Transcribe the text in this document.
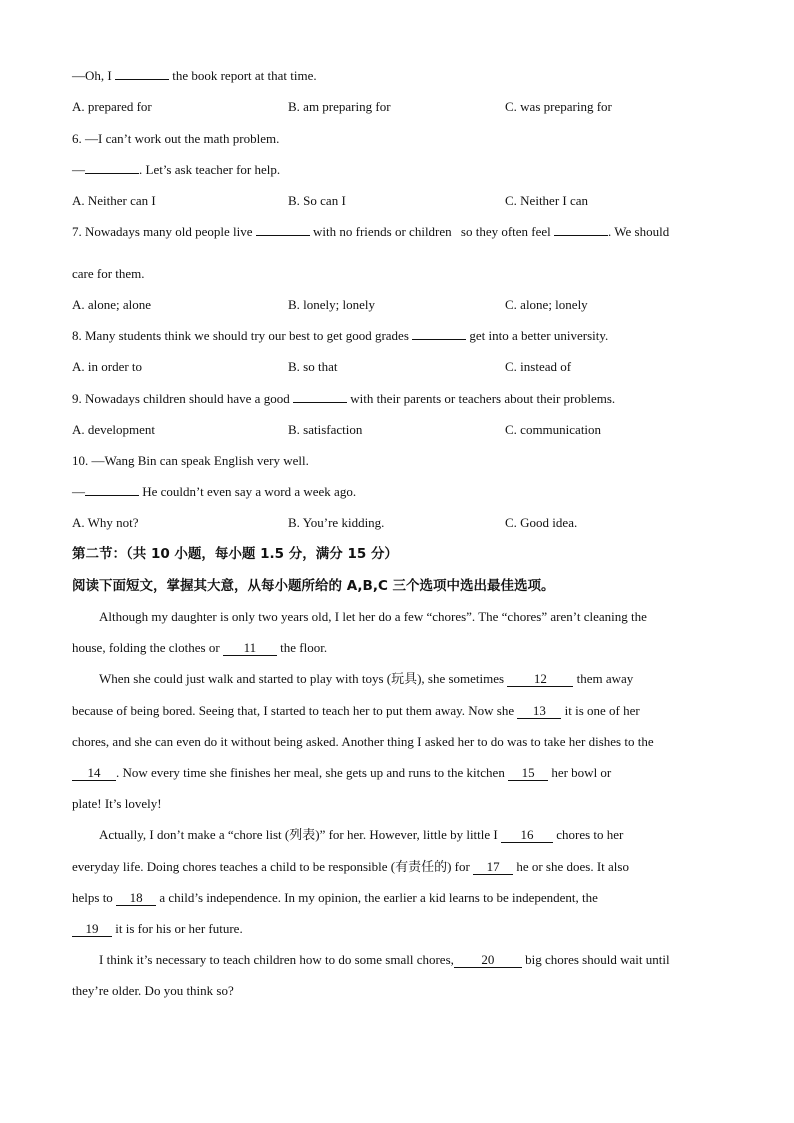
—Oh, I	the book report at that time.
A. prepared for	B. am preparing for	C. was preparing for
6. —I can’t work out the math problem.
—	. Let’s ask teacher for help.
A. Neither can I	B. So can I	C. Neither I can
7. Nowadays many old people live	with no friends or children so they often feel	. We should
care for them.
A. alone; alone	B. lonely; lonely	C. alone; lonely
8. Many students think we should try our best to get good grades	get into a better university.
A. in order to	B. so that	C. instead of
9. Nowadays children should have a good	with their parents or teachers about their problems.
A. development	B. satisfaction	C. communication
10. —Wang Bin can speak English very well.
—	He couldn’t even say a word a week ago.
A. Why not?	B. You’re kidding.	C. Good idea.
第二节：（共 10 小题，每小题 1.5 分，满分 15 分）
阅读下面短文，掌握其大意，从每小题所给的 A,B,C 三个选项中选出最佳选项。
Although my daughter is only two years old, I let her do a few “chores”. The “chores” aren’t cleaning the
house, folding the clothes or 11 the floor.
When she could just walk and started to play with toys (玩具), she sometimes 12 them away
because of being bored. Seeing that, I started to teach her to put them away. Now she 13 it is one of her
chores, and she can even do it without being asked. Another thing I asked her to do was to take her dishes to the
14 . Now every time she finishes her meal, she gets up and runs to the kitchen 15 her bowl or
plate! It’s lovely!
Actually, I don’t make a “chore list (列表)” for her. However, little by little I 16 chores to her
everyday life. Doing chores teaches a child to be responsible (有责任的) for 17 he or she does. It also
helps to 18 a child’s independence. In my opinion, the earlier a kid learns to be independent, the
19 it is for his or her future.
I think it’s necessary to teach children how to do some small chores, 20 big chores should wait until
they’re older. Do you think so?
